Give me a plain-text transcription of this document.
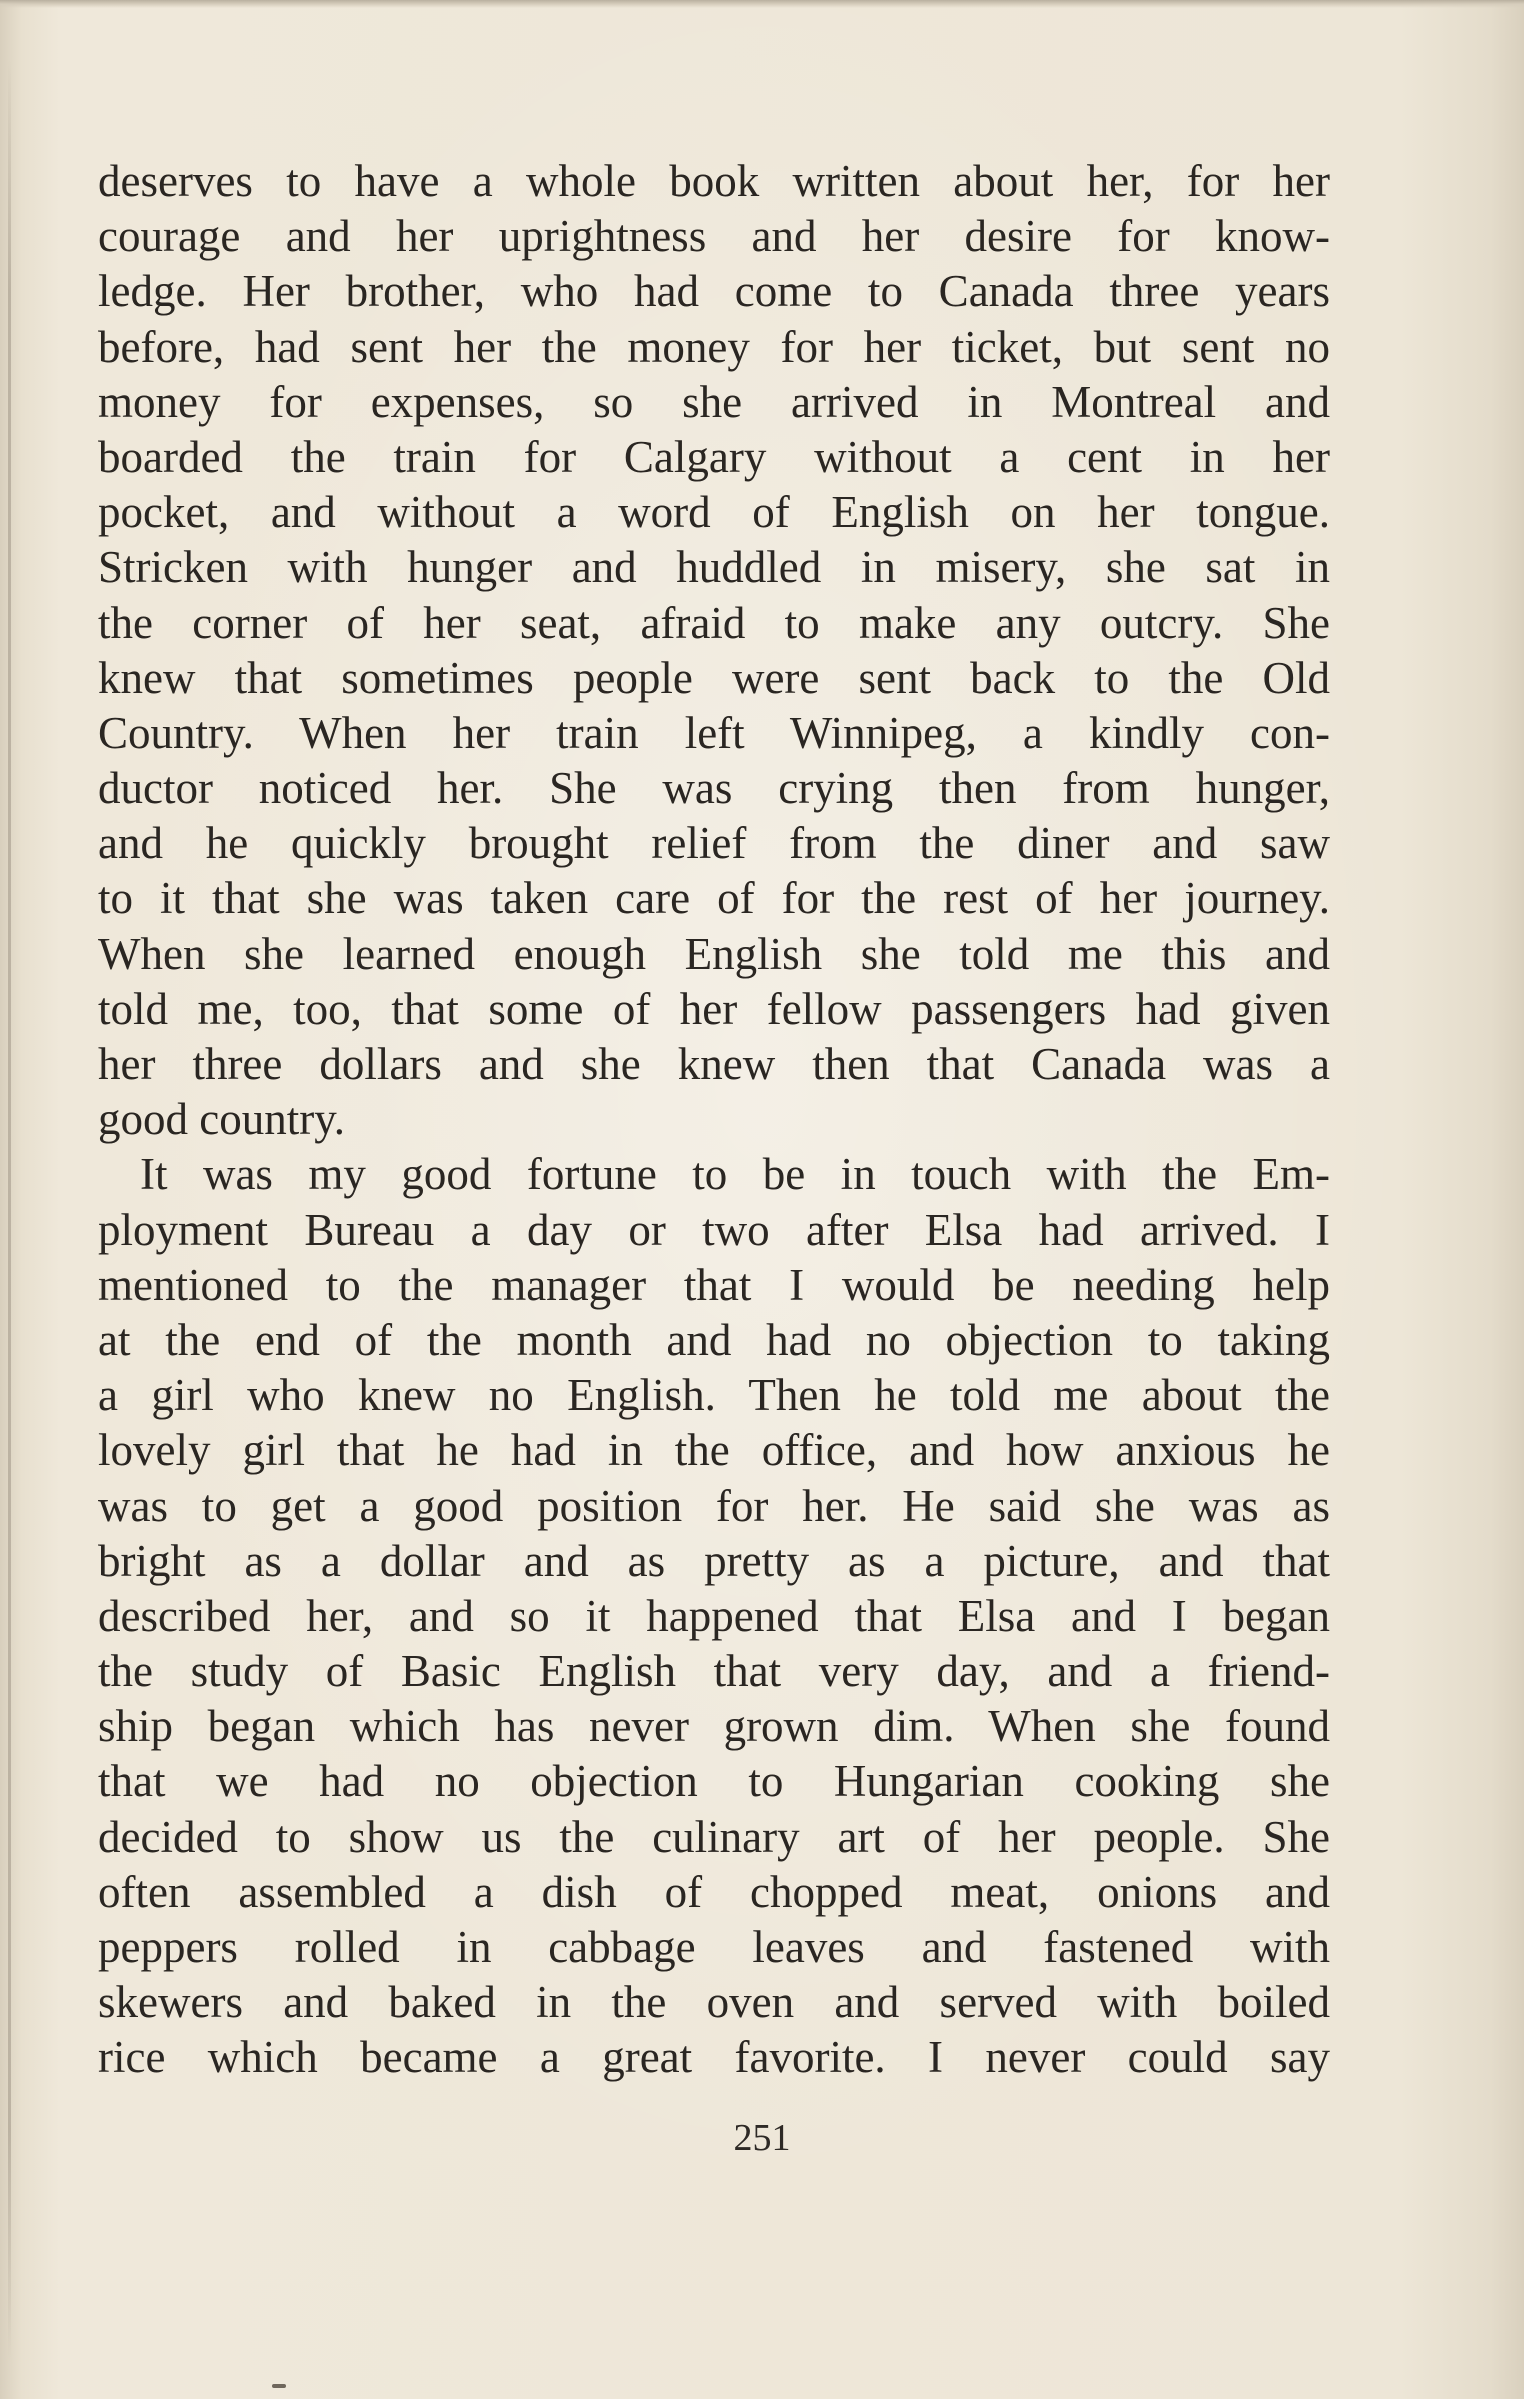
deserves to have a whole book written about her, for her
courage and her uprightness and her desire for know-
ledge. Her brother, who had come to Canada three years
before, had sent her the money for her ticket, but sent no
money for expenses, so she arrived in Montreal and
boarded the train for Calgary without a cent in her
pocket, and without a word of English on her tongue.
Stricken with hunger and huddled in misery, she sat in
the corner of her seat, afraid to make any outcry. She
knew that sometimes people were sent back to the Old
Country. When her train left Winnipeg, a kindly con-
ductor noticed her. She was crying then from hunger,
and he quickly brought relief from the diner and saw
to it that she was taken care of for the rest of her journey.
When she learned enough English she told me this and
told me, too, that some of her fellow passengers had given
her three dollars and she knew then that Canada was a
good country.
It was my good fortune to be in touch with the Em-
ployment Bureau a day or two after Elsa had arrived. I
mentioned to the manager that I would be needing help
at the end of the month and had no objection to taking
a girl who knew no English. Then he told me about the
lovely girl that he had in the office, and how anxious he
was to get a good position for her. He said she was as
bright as a dollar and as pretty as a picture, and that
described her, and so it happened that Elsa and I began
the study of Basic English that very day, and a friend-
ship began which has never grown dim. When she found
that we had no objection to Hungarian cooking she
decided to show us the culinary art of her people. She
often assembled a dish of chopped meat, onions and
peppers rolled in cabbage leaves and fastened with
skewers and baked in the oven and served with boiled
rice which became a great favorite. I never could say
251
